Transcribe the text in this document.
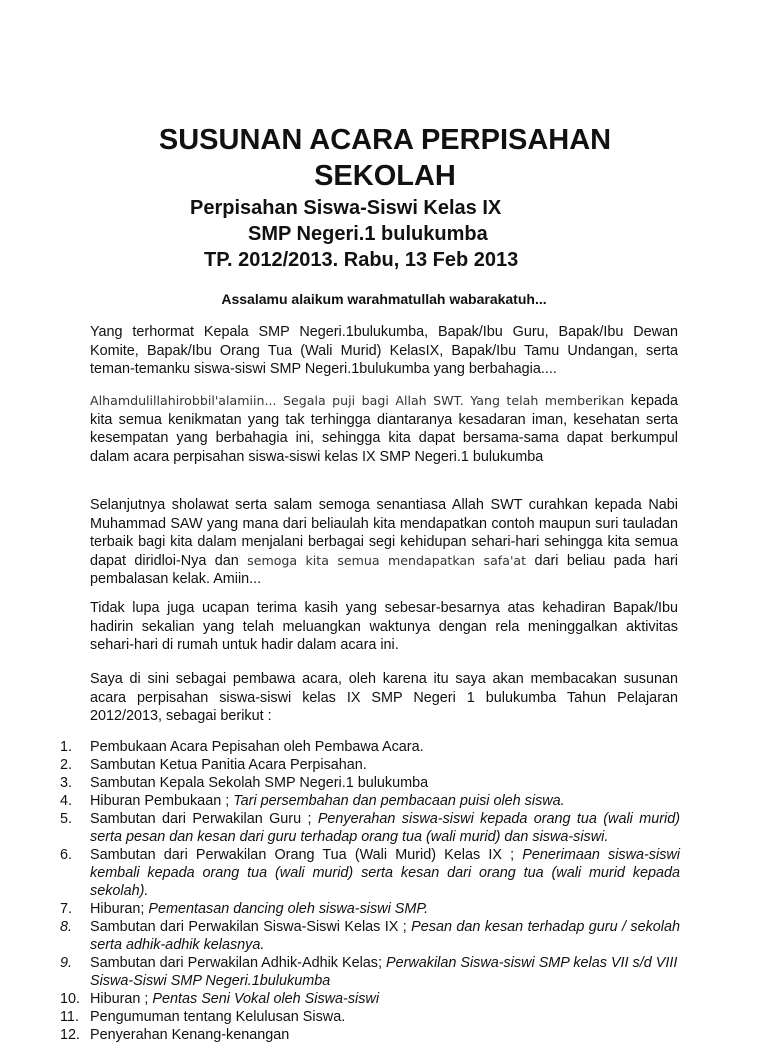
SUSUNAN ACARA PERPISAHAN
SEKOLAH
Perpisahan Siswa-Siswi Kelas IX
SMP Negeri.1 bulukumba
TP. 2012/2013. Rabu, 13 Feb 2013
Assalamu alaikum warahmatullah wabarakatuh...

Yang terhormat Kepala SMP Negeri.1bulukumba, Bapak/Ibu Guru, Bapak/Ibu Dewan Komite, Bapak/Ibu Orang Tua (Wali Murid) KelasIX, Bapak/Ibu Tamu Undangan, serta teman-temanku siswa-siswi SMP Negeri.1bulukumba yang berbahagia....

Alhamdulillahirobbil'alamiin... Segala puji bagi Allah SWT. Yang telah memberikan kepada kita semua kenikmatan yang tak terhingga diantaranya kesadaran iman, kesehatan serta kesempatan yang berbahagia ini, sehingga kita dapat bersama-sama dapat berkumpul dalam acara perpisahan siswa-siswi kelas IX SMP Negeri.1 bulukumba

Selanjutnya sholawat serta salam semoga senantiasa Allah SWT curahkan kepada Nabi Muhammad SAW yang mana dari beliaulah kita mendapatkan contoh maupun suri tauladan terbaik bagi kita dalam menjalani berbagai segi kehidupan sehari-hari sehingga kita semua dapat diridloi-Nya dan semoga kita semua mendapatkan safa'at dari beliau pada hari pembalasan kelak. Amiin...

Tidak lupa juga ucapan terima kasih yang sebesar-besarnya atas kehadiran Bapak/Ibu hadirin sekalian yang telah meluangkan waktunya dengan rela meninggalkan aktivitas sehari-hari di rumah untuk hadir dalam acara ini.

Saya di sini sebagai pembawa acara, oleh karena itu saya akan membacakan susunan acara perpisahan siswa-siswi kelas IX SMP Negeri 1 bulukumba Tahun Pelajaran 2012/2013, sebagai berikut :

1.	Pembukaan Acara Pepisahan oleh Pembawa Acara.
2.	Sambutan Ketua Panitia Acara Perpisahan.
3.	Sambutan Kepala Sekolah SMP Negeri.1 bulukumba
4.	Hiburan Pembukaan ; Tari persembahan dan pembacaan puisi oleh siswa.
5.	Sambutan dari Perwakilan Guru ; Penyerahan siswa-siswi kepada orang tua (wali murid) serta pesan dan kesan dari guru terhadap orang tua (wali murid) dan siswa-siswi.
6.	Sambutan dari Perwakilan Orang Tua (Wali Murid) Kelas IX ; Penerimaan siswa-siswi kembali kepada orang tua (wali murid) serta kesan dari orang tua (wali murid kepada sekolah).
7.	Hiburan; Pementasan dancing oleh siswa-siswi SMP.
8.	Sambutan dari Perwakilan Siswa-Siswi Kelas IX ; Pesan dan kesan terhadap guru / sekolah serta adhik-adhik kelasnya.
9.	Sambutan dari Perwakilan Adhik-Adhik Kelas; Perwakilan Siswa-siswi SMP kelas VII s/d VIII Siswa-Siswi SMP Negeri.1bulukumba
10. Hiburan ; Pentas Seni Vokal oleh Siswa-siswi
11. Pengumuman tentang Kelulusan Siswa.
12. Penyerahan Kenang-kenangan
